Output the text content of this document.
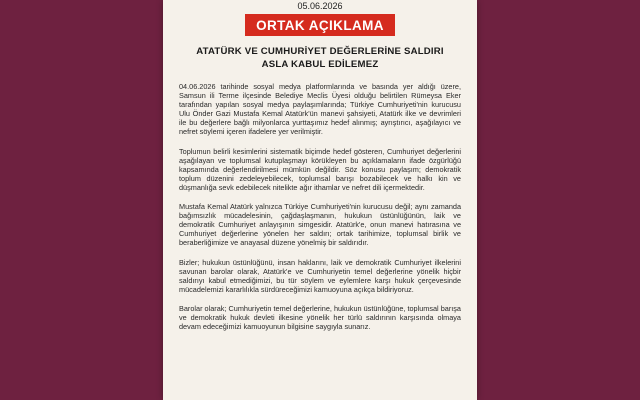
05.06.2026
ORTAK AÇIKLAMA
ATATÜRK VE CUMHURİYET DEĞERLERİNE SALDIRI
ASLA KABUL EDİLEMEZ

04.06.2026 tarihinde sosyal medya platformlarında ve basında yer aldığı üzere, Samsun ili Terme ilçesinde Belediye Meclis Üyesi olduğu belirtilen Rümeysa Eker tarafından yapılan sosyal medya paylaşımlarında; Türkiye Cumhuriyeti'nin kurucusu Ulu Önder Gazi Mustafa Kemal Atatürk'ün manevi şahsiyeti, Atatürk ilke ve devrimleri ile bu değerlere bağlı milyonlarca yurttaşımız hedef alınmış; ayrıştırıcı, aşağılayıcı ve nefret söylemi içeren ifadelere yer verilmiştir.

Toplumun belirli kesimlerini sistematik biçimde hedef gösteren, Cumhuriyet değerlerini aşağılayan ve toplumsal kutuplaşmayı körükleyen bu açıklamaların ifade özgürlüğü kapsamında değerlendirilmesi mümkün değildir. Söz konusu paylaşım; demokratik toplum düzenini zedeleyebilecek, toplumsal barışı bozabilecek ve halkı kin ve düşmanlığa sevk edebilecek nitelikte ağır ithamlar ve nefret dili içermektedir.

Mustafa Kemal Atatürk yalnızca Türkiye Cumhuriyeti'nin kurucusu değil; aynı zamanda bağımsızlık mücadelesinin, çağdaşlaşmanın, hukukun üstünlüğünün, laik ve demokratik Cumhuriyet anlayışının simgesidir. Atatürk'e, onun manevi hatırasına ve Cumhuriyet değerlerine yönelen her saldırı; ortak tarihimize, toplumsal birlik ve beraberliğimize ve anayasal düzene yönelmiş bir saldırıdır.

Bizler; hukukun üstünlüğünü, insan haklarını, laik ve demokratik Cumhuriyet ilkelerini savunan barolar olarak, Atatürk'e ve Cumhuriyetin temel değerlerine yönelik hiçbir saldırıyı kabul etmediğimizi, bu tür söylem ve eylemlere karşı hukuk çerçevesinde mücadelemizi kararlılıkla sürdüreceğimizi kamuoyuna açıkça bildiriyoruz.

Barolar olarak; Cumhuriyetin temel değerlerine, hukukun üstünlüğüne, toplumsal barışa ve demokratik hukuk devleti ilkesine yönelik her türlü saldırının karşısında olmaya devam edeceğimizi kamuoyunun bilgisine saygıyla sunarız.
